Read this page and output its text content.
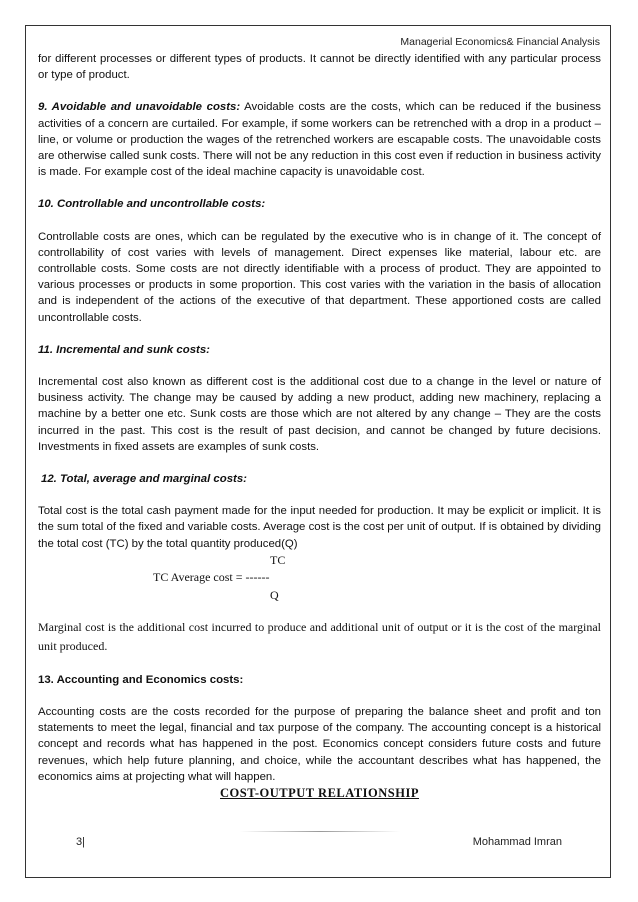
Managerial Economics& Financial Analysis

for different processes or different types of products. It cannot be directly identified with any particular process or type of product.

9. Avoidable and unavoidable costs: Avoidable costs are the costs, which can be reduced if the business activities of a concern are curtailed. For example, if some workers can be retrenched with a drop in a product – line, or volume or production the wages of the retrenched workers are escapable costs. The unavoidable costs are otherwise called sunk costs. There will not be any reduction in this cost even if reduction in business activity is made. For example cost of the ideal machine capacity is unavoidable cost.

10. Controllable and uncontrollable costs:

Controllable costs are ones, which can be regulated by the executive who is in change of it. The concept of controllability of cost varies with levels of management. Direct expenses like material, labour etc. are controllable costs. Some costs are not directly identifiable with a process of product. They are appointed to various processes or products in some proportion. This cost varies with the variation in the basis of allocation and is independent of the actions of the executive of that department. These apportioned costs are called uncontrollable costs.

11. Incremental and sunk costs:

Incremental cost also known as different cost is the additional cost due to a change in the level or nature of business activity. The change may be caused by adding a new product, adding new machinery, replacing a machine by a better one etc. Sunk costs are those which are not altered by any change – They are the costs incurred in the past. This cost is the result of past decision, and cannot be changed by future decisions. Investments in fixed assets are examples of sunk costs.

12. Total, average and marginal costs:

Total cost is the total cash payment made for the input needed for production. It may be explicit or implicit. It is the sum total of the fixed and variable costs. Average cost is the cost per unit of output. If is obtained by dividing the total cost (TC) by the total quantity produced(Q)

TC
TC Average cost = ------
Q

Marginal cost is the additional cost incurred to produce and additional unit of output or it is the cost of the marginal unit produced.

13. Accounting and Economics costs:

Accounting costs are the costs recorded for the purpose of preparing the balance sheet and profit and ton statements to meet the legal, financial and tax purpose of the company. The accounting concept is a historical concept and records what has happened in the post. Economics concept considers future costs and future revenues, which help future planning, and choice, while the accountant describes what has happened, the economics aims at projecting what will happen.

COST-OUTPUT RELATIONSHIP

3|	Mohammad Imran
